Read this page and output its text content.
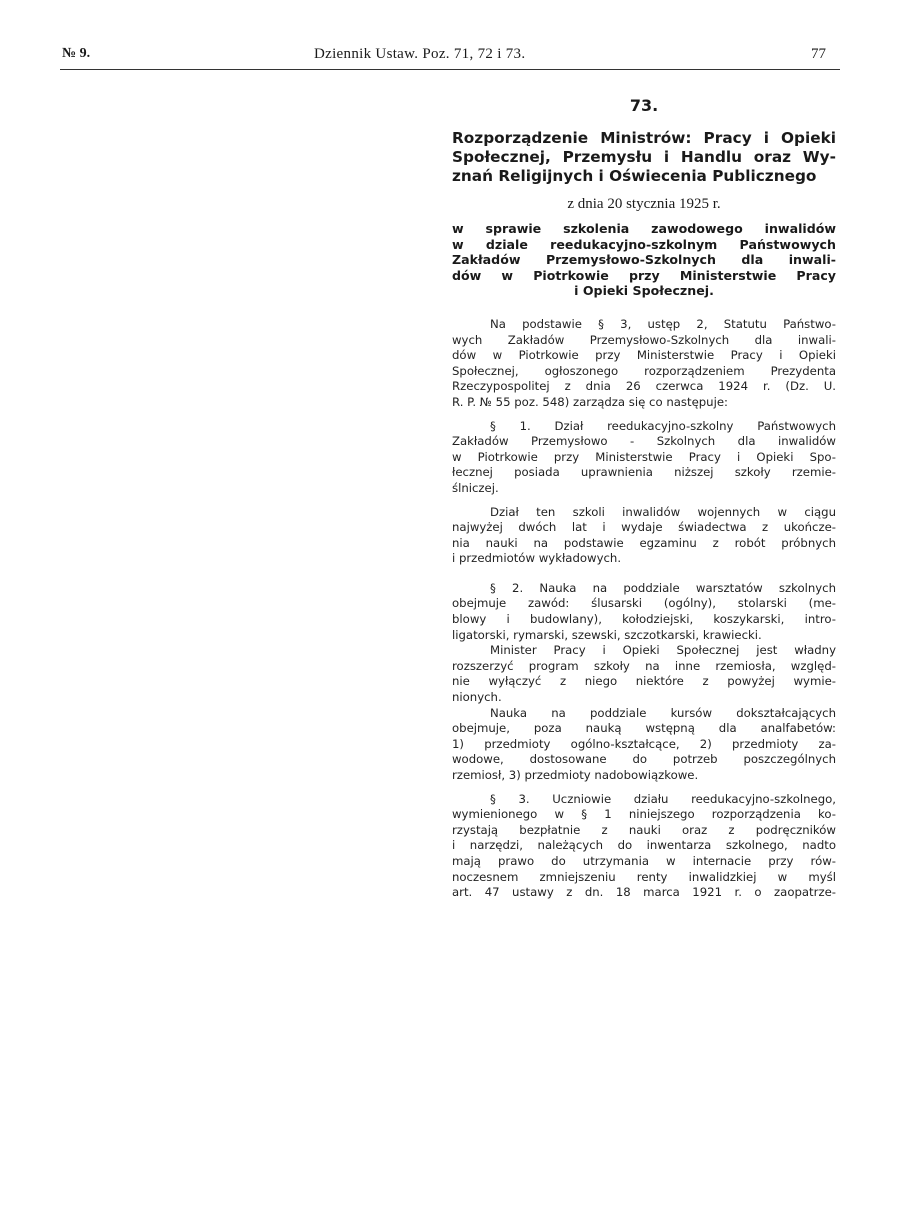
№ 9.	Dziennik Ustaw. Poz. 71, 72 i 73.	77
73.
Rozporządzenie Ministrów: Pracy i Opieki
Społecznej, Przemysłu i Handlu oraz Wy-
znań Religijnych i Oświecenia Publicznego
z dnia 20 stycznia 1925 r.
w sprawie szkolenia zawodowego inwalidów
w dziale reedukacyjno-szkolnym Państwowych
Zakładów Przemysłowo-Szkolnych dla inwali-
dów w Piotrkowie przy Ministerstwie Pracy
i Opieki Społecznej.
Na podstawie § 3, ustęp 2, Statutu Państwo-
wych Zakładów Przemysłowo-Szkolnych dla inwali-
dów w Piotrkowie przy Ministerstwie Pracy i Opieki
Społecznej, ogłoszonego rozporządzeniem Prezydenta
Rzeczypospolitej z dnia 26 czerwca 1924 r. (Dz. U.
R. P. № 55 poz. 548) zarządza się co następuje:
§ 1. Dział reedukacyjno-szkolny Państwowych
Zakładów Przemysłowo - Szkolnych dla inwalidów
w Piotrkowie przy Ministerstwie Pracy i Opieki Spo-
łecznej posiada uprawnienia niższej szkoły rzemie-
ślniczej.
Dział ten szkoli inwalidów wojennych w ciągu
najwyżej dwóch lat i wydaje świadectwa z ukończe-
nia nauki na podstawie egzaminu z robót próbnych
i przedmiotów wykładowych.
§ 2. Nauka na poddziale warsztatów szkolnych
obejmuje zawód: ślusarski (ogólny), stolarski (me-
blowy i budowlany), kołodziejski, koszykarski, intro-
ligatorski, rymarski, szewski, szczotkarski, krawiecki.
Minister Pracy i Opieki Społecznej jest władny
rozszerzyć program szkoły na inne rzemiosła, względ-
nie wyłączyć z niego niektóre z powyżej wymie-
nionych.
Nauka na poddziale kursów dokształcających
obejmuje, poza nauką wstępną dla analfabetów:
1) przedmioty ogólno-kształcące, 2) przedmioty za-
wodowe, dostosowane do potrzeb poszczególnych
rzemiosł, 3) przedmioty nadobowiązkowe.
§ 3. Uczniowie działu reedukacyjno-szkolnego,
wymienionego w § 1 niniejszego rozporządzenia ko-
rzystają bezpłatnie z nauki oraz z podręczników
i narzędzi, należących do inwentarza szkolnego, nadto
mają prawo do utrzymania w internacie przy rów-
noczesnem zmniejszeniu renty inwalidzkiej w myśl
art. 47 ustawy z dn. 18 marca 1921 r. o zaopatrze-
